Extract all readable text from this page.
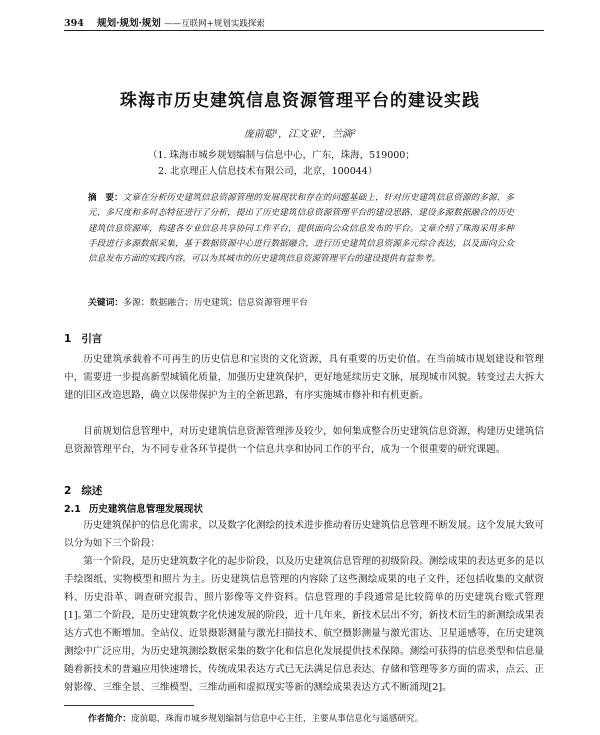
394 规划·规划·规划 ——互联网+规划实践探索
珠海市历史建筑信息资源管理平台的建设实践
庞前聪¹，江文亚¹，兰滴²
（1. 珠海市城乡规划编制与信息中心，广东，珠海，519000；
2. 北京理正人信息技术有限公司，北京，100044）
摘　要：文章在分析历史建筑信息资源管理的发展现状和存在的问题基础上，针对历史建筑信息资源的多源、多元、多尺度和多时态特征进行了分析，提出了历史建筑信息资源管理平台的建设思路，建设多源数据融合的历史建筑信息资源库，构建各专业信息共享协同工作平台，提供面向公众信息发布的平台。文章介绍了珠海采用多种手段进行多源数据采集，基于数据资源中心进行数据融合，进行历史建筑信息资源多元综合表达，以及面向公众信息发布方面的实践内容，可以为其城市的历史建筑信息资源管理平台的建设提供有益参考。
关键词：多源；数据融合；历史建筑；信息资源管理平台
1 引言

历史建筑承载着不可再生的历史信息和宝贵的文化资源，具有重要的历史价值。在当前城市规划建设和管理中，需要进一步提高新型城镇化质量，加强历史建筑保护，更好地延续历史文脉，展现城市风貌。转变过去大拆大建的旧区改造思路，确立以保带保护为主的全新思路，有序实施城市修补和有机更新。

目前规划信息管理中，对历史建筑信息资源管理涉及较少，如何集成整合历史建筑信息资源，构建历史建筑信息资源管理平台，为不同专业各环节提供一个信息共享和协同工作的平台，成为一个很重要的研究课题。

2 综述
2.1 历史建筑信息管理发展现状

历史建筑保护的信息化需求，以及数字化测绘的技术进步推动着历史建筑信息管理不断发展。这个发展大致可以分为如下三个阶段：

第一个阶段，是历史建筑数字化的起步阶段，以及历史建筑信息管理的初级阶段。测绘成果的表达更多的是以手绘图纸、实物模型和照片为主。历史建筑信息管理的内容除了这些测绘成果的电子文件，还包括收集的文献资料、历史沿革、调查研究报告、照片影像等文件资料。信息管理的手段通常是比较简单的历史建筑台账式管理[1]。

第二个阶段，是历史建筑数字化快速发展的阶段，近十几年来，新技术层出不穷，新技术衍生的新测绘成果表达方式也不断增加。全站仪、近景摄影测量与激光扫描技术、航空摄影测量与激光雷达、卫星遥感等，在历史建筑测绘中广泛应用，为历史建筑测绘数据采集的数字化和信息化发展提供技术保障。测绘可获得的信息类型和信息量随着新技术的普遍应用快速增长，传统成果表达方式已无法满足信息表达、存储和管理等多方面的需求，点云、正射影像、三维全景、三维模型、三维动画和虚拟现实等新的测绘成果表达方式不断涌现[2]。

作者简介：庞前聪，珠海市城乡规划编制与信息中心主任，主要从事信息化与遥感研究。
